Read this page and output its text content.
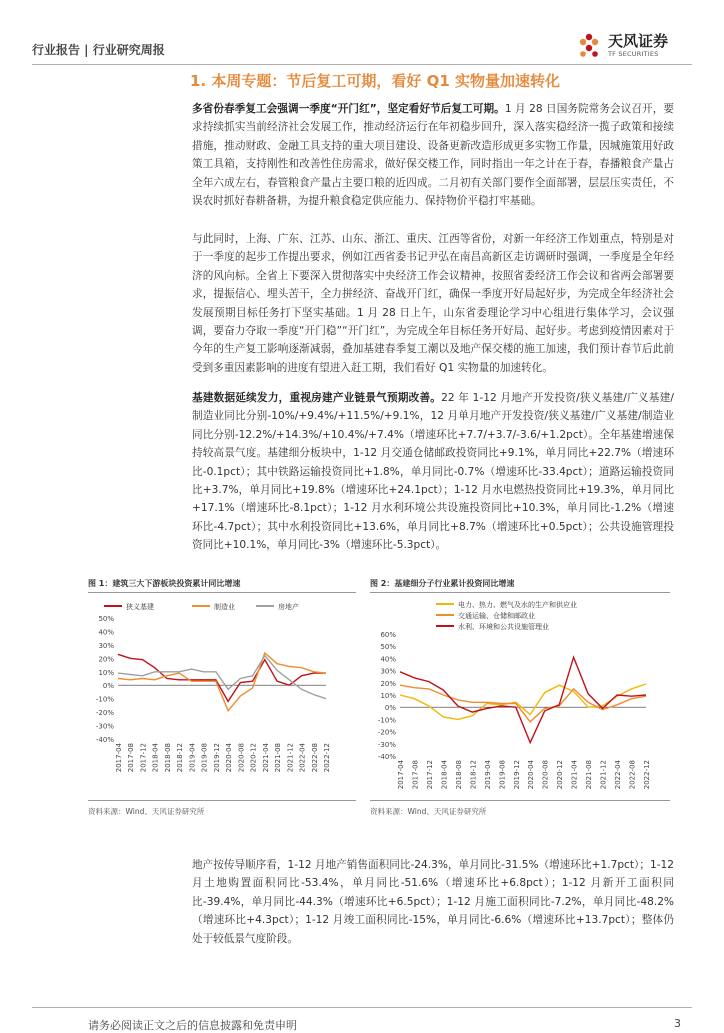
行业报告 | 行业研究周报	天风证券
TF SECURITIES
1. 本周专题：节后复工可期，看好 Q1 实物量加速转化
多省份春季复工会强调一季度“开门红”，坚定看好节后复工可期。1 月 28 日国务院常务会议召开，要求持续抓实当前经济社会发展工作，推动经济运行在年初稳步回升，深入落实稳经济一揽子政策和接续措施，推动财政、金融工具支持的重大项目建设、设备更新改造形成更多实物工作量，因城施策用好政策工具箱，支持刚性和改善性住房需求，做好保交楼工作，同时指出一年之计在于春，春播粮食产量占全年六成左右，春管粮食产量占主要口粮的近四成。二月初有关部门要作全面部署，层层压实责任，不误农时抓好春耕备耕，为提升粮食稳定供应能力、保持物价平稳打牢基础。
与此同时，上海、广东、江苏、山东、浙江、重庆、江西等省份，对新一年经济工作划重点，特别是对于一季度的起步工作提出要求，例如江西省委书记尹弘在南昌高新区走访调研时强调，一季度是全年经济的风向标。全省上下要深入贯彻落实中央经济工作会议精神，按照省委经济工作会议和省两会部署要求，提振信心、埋头苦干，全力拼经济、奋战开门红，确保一季度开好局起好步，为完成全年经济社会发展预期目标任务打下坚实基础。1 月 28 日上午，山东省委理论学习中心组进行集体学习，会议强调，要奋力夺取一季度“开门稳”“开门红”，为完成全年目标任务开好局、起好步。考虑到疫情因素对于今年的生产复工影响逐渐减弱，叠加基建春季复工潮以及地产保交楼的施工加速，我们预计春节后此前受到多重因素影响的进度有望进入赶工期，我们看好 Q1 实物量的加速转化。
基建数据延续发力，重视房建产业链景气预期改善。22 年 1-12 月地产开发投资/狭义基建/广义基建/制造业同比分别-10%/+9.4%/+11.5%/+9.1%，12 月单月地产开发投资/狭义基建/广义基建/制造业同比分别-12.2%/+14.3%/+10.4%/+7.4%（增速环比+7.7/+3.7/-3.6/+1.2pct）。全年基建增速保持较高景气度。基建细分板块中，1-12 月交通仓储邮政投资同比+9.1%，单月同比+22.7%（增速环比-0.1pct）；其中铁路运输投资同比+1.8%，单月同比-0.7%（增速环比-33.4pct）；道路运输投资同比+3.7%，单月同比+19.8%（增速环比+24.1pct）；1-12 月水电燃热投资同比+19.3%，单月同比+17.1%（增速环比-8.1pct）；1-12 月水利环境公共设施投资同比+10.3%，单月同比-1.2%（增速环比-4.7pct）；其中水利投资同比+13.6%，单月同比+8.7%（增速环比+0.5pct）；公共设施管理投资同比+10.1%，单月同比-3%（增速环比-5.3pct）。
图 1：建筑三大下游板块投资累计同比增速
50%
40%
30%
20%
10%
0%
-10%
-20%
-30%
-40%
2017-04 2017-08 2017-12 2018-04 2018-08 2018-12 2019-04 2019-08 2019-12 2020-04 2020-08 2020-12 2021-04 2021-08 2021-12 2022-04 2022-08 2022-12
狭义基建	制造业	房地产
资料来源：Wind、天风证券研究所
图 2：基建细分子行业累计投资同比增速
60%
50%
40%
30%
20%
10%
0%
-10%
-20%
-30%
-40%
2017-04 2017-08 2017-12 2018-04 2018-08 2018-12 2019-04 2019-08 2019-12 2020-04 2020-08 2020-12 2021-04 2021-08 2021-12 2022-04 2022-08 2022-12
电力、热力、燃气及水的生产和供应业
交通运输、仓储和邮政业
水利、环境和公共设施管理业
资料来源：Wind、天风证券研究所
地产按传导顺序看，1-12 月地产销售面积同比-24.3%，单月同比-31.5%（增速环比+1.7pct）；1-12 月土地购置面积同比-53.4%，单月同比-51.6%（增速环比+6.8pct）；1-12 月新开工面积同比-39.4%，单月同比-44.3%（增速环比+6.5pct）；1-12 月施工面积同比-7.2%，单月同比-48.2%（增速环比+4.3pct）；1-12 月竣工面积同比-15%，单月同比-6.6%（增速环比+13.7pct）；整体仍处于较低景气度阶段。
请务必阅读正文之后的信息披露和免责申明	3
